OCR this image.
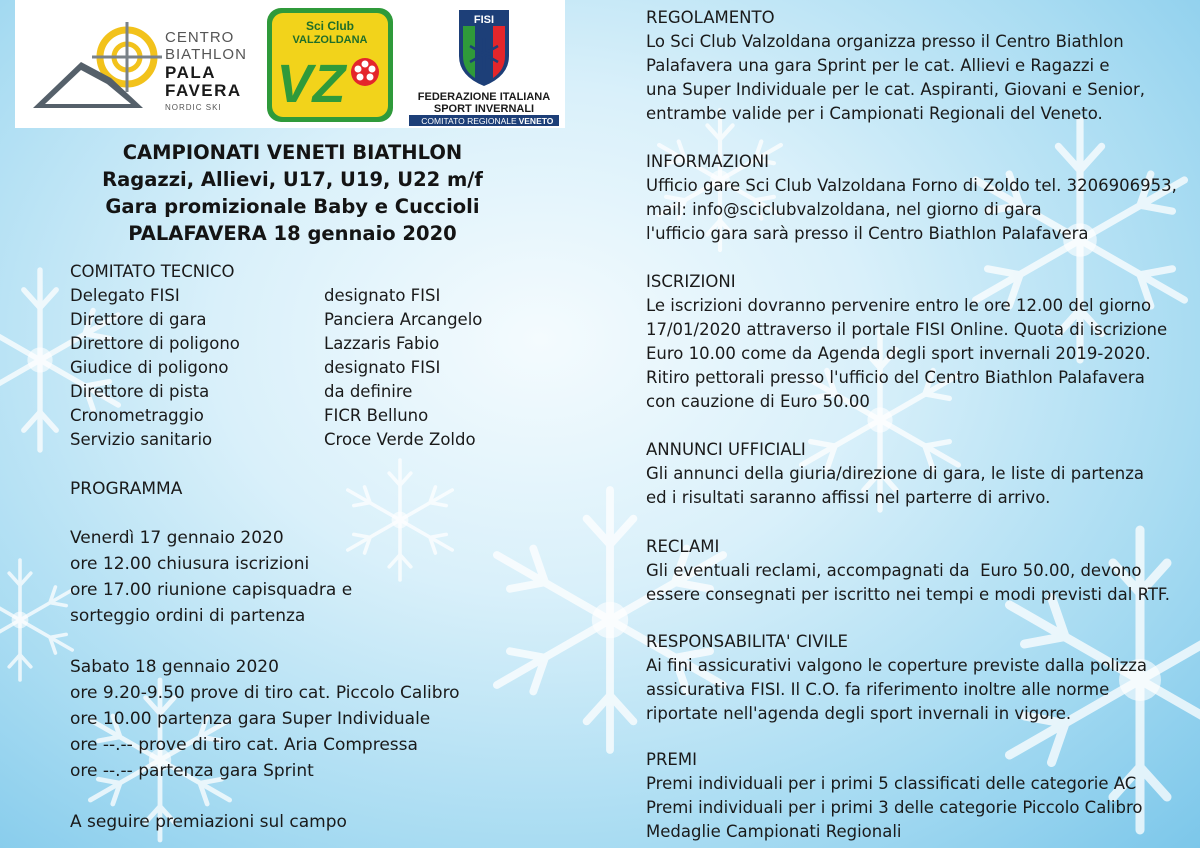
CENTRO
BIATHLON
PALA
FAVERA
NORDIC SKI
Sci Club
VALZOLDANA
VZ
FISI
FEDERAZIONE ITALIANA
SPORT INVERNALI
COMITATO REGIONALE VENETO
CAMPIONATI VENETI BIATHLON
Ragazzi, Allievi, U17, U19, U22 m/f
Gara promizionale Baby e Cuccioli
PALAFAVERA 18 gennaio 2020
COMITATO TECNICO
Delegato FISI	designato FISI
Direttore di gara	Panciera Arcangelo
Direttore di poligono	Lazzaris Fabio
Giudice di poligono	designato FISI
Direttore di pista	da definire
Cronometraggio	FICR Belluno
Servizio sanitario	Croce Verde Zoldo
PROGRAMMA
Venerdì 17 gennaio 2020
ore 12.00 chiusura iscrizioni
ore 17.00 riunione capisquadra e
sorteggio ordini di partenza
Sabato 18 gennaio 2020
ore 9.20-9.50 prove di tiro cat. Piccolo Calibro
ore 10.00 partenza gara Super Individuale
ore --.-- prove di tiro cat. Aria Compressa
ore --.-- partenza gara Sprint
A seguire premiazioni sul campo
REGOLAMENTO
Lo Sci Club Valzoldana organizza presso il Centro Biathlon
Palafavera una gara Sprint per le cat. Allievi e Ragazzi e
una Super Individuale per le cat. Aspiranti, Giovani e Senior,
entrambe valide per i Campionati Regionali del Veneto.
INFORMAZIONI
Ufficio gare Sci Club Valzoldana Forno di Zoldo tel. 3206906953,
mail: info@sciclubvalzoldana, nel giorno di gara
l'ufficio gara sarà presso il Centro Biathlon Palafavera
ISCRIZIONI
Le iscrizioni dovranno pervenire entro le ore 12.00 del giorno
17/01/2020 attraverso il portale FISI Online. Quota di iscrizione
Euro 10.00 come da Agenda degli sport invernali 2019-2020.
Ritiro pettorali presso l'ufficio del Centro Biathlon Palafavera
con cauzione di Euro 50.00
ANNUNCI UFFICIALI
Gli annunci della giuria/direzione di gara, le liste di partenza
ed i risultati saranno affissi nel parterre di arrivo.
RECLAMI
Gli eventuali reclami, accompagnati da  Euro 50.00, devono
essere consegnati per iscritto nei tempi e modi previsti dal RTF.
RESPONSABILITA' CIVILE
Ai fini assicurativi valgono le coperture previste dalla polizza
assicurativa FISI. Il C.O. fa riferimento inoltre alle norme
riportate nell'agenda degli sport invernali in vigore.
PREMI
Premi individuali per i primi 5 classificati delle categorie AC
Premi individuali per i primi 3 delle categorie Piccolo Calibro
Medaglie Campionati Regionali
